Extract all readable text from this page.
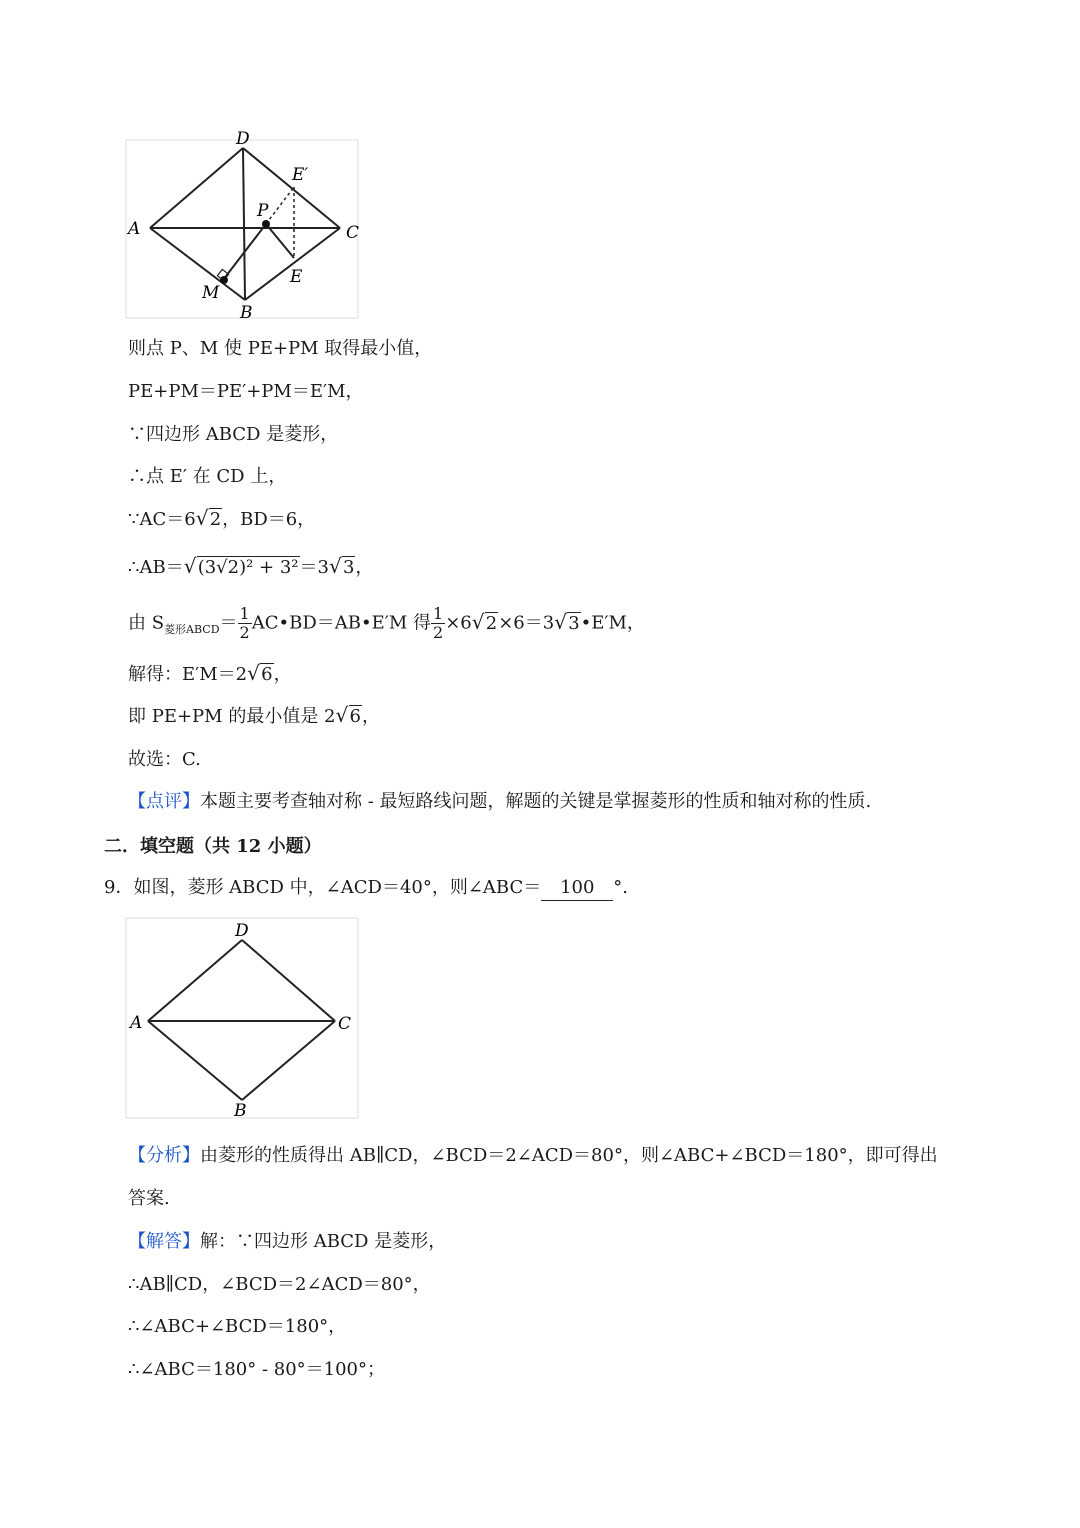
D
E′
P
A	C
M
E
B
则点 P、M 使 PE+PM 取得最小值，
PE+PM＝PE′+PM＝E′M，
∵四边形 ABCD 是菱形，
∴点 E′ 在 CD 上，
∵AC＝6√ 2，BD＝6，
∴AB＝√ (3√2)² + 3²＝3√ 3，
由 $S_{菱形ABCD}= \frac{1}{2}$ AC•BD＝AB•E′M 得 $\frac{1}{2} \times 6√$ 2×6＝3√ 3•E′M，
解得：E′M＝2√ 6，
即 PE+PM 的最小值是 2√ 6，
故选：C.
【点评】本题主要考查轴对称 - 最短路线问题，解题的关键是掌握菱形的性质和轴对称的性质.
二．填空题（共 12 小题）
9．如图，菱形 ABCD 中，∠ACD＝40°，则∠ABC＝ 100 °.
D
A	C
B
【分析】由菱形的性质得出 AB∥CD，∠BCD＝2∠ACD＝80°，则∠ABC+∠BCD＝180°，即可得出
答案.
【解答】解：∵四边形 ABCD 是菱形，
∴AB∥CD，∠BCD＝2∠ACD＝80°，
∴∠ABC+∠BCD＝180°，
∴∠ABC＝180° - 80°＝100°；
